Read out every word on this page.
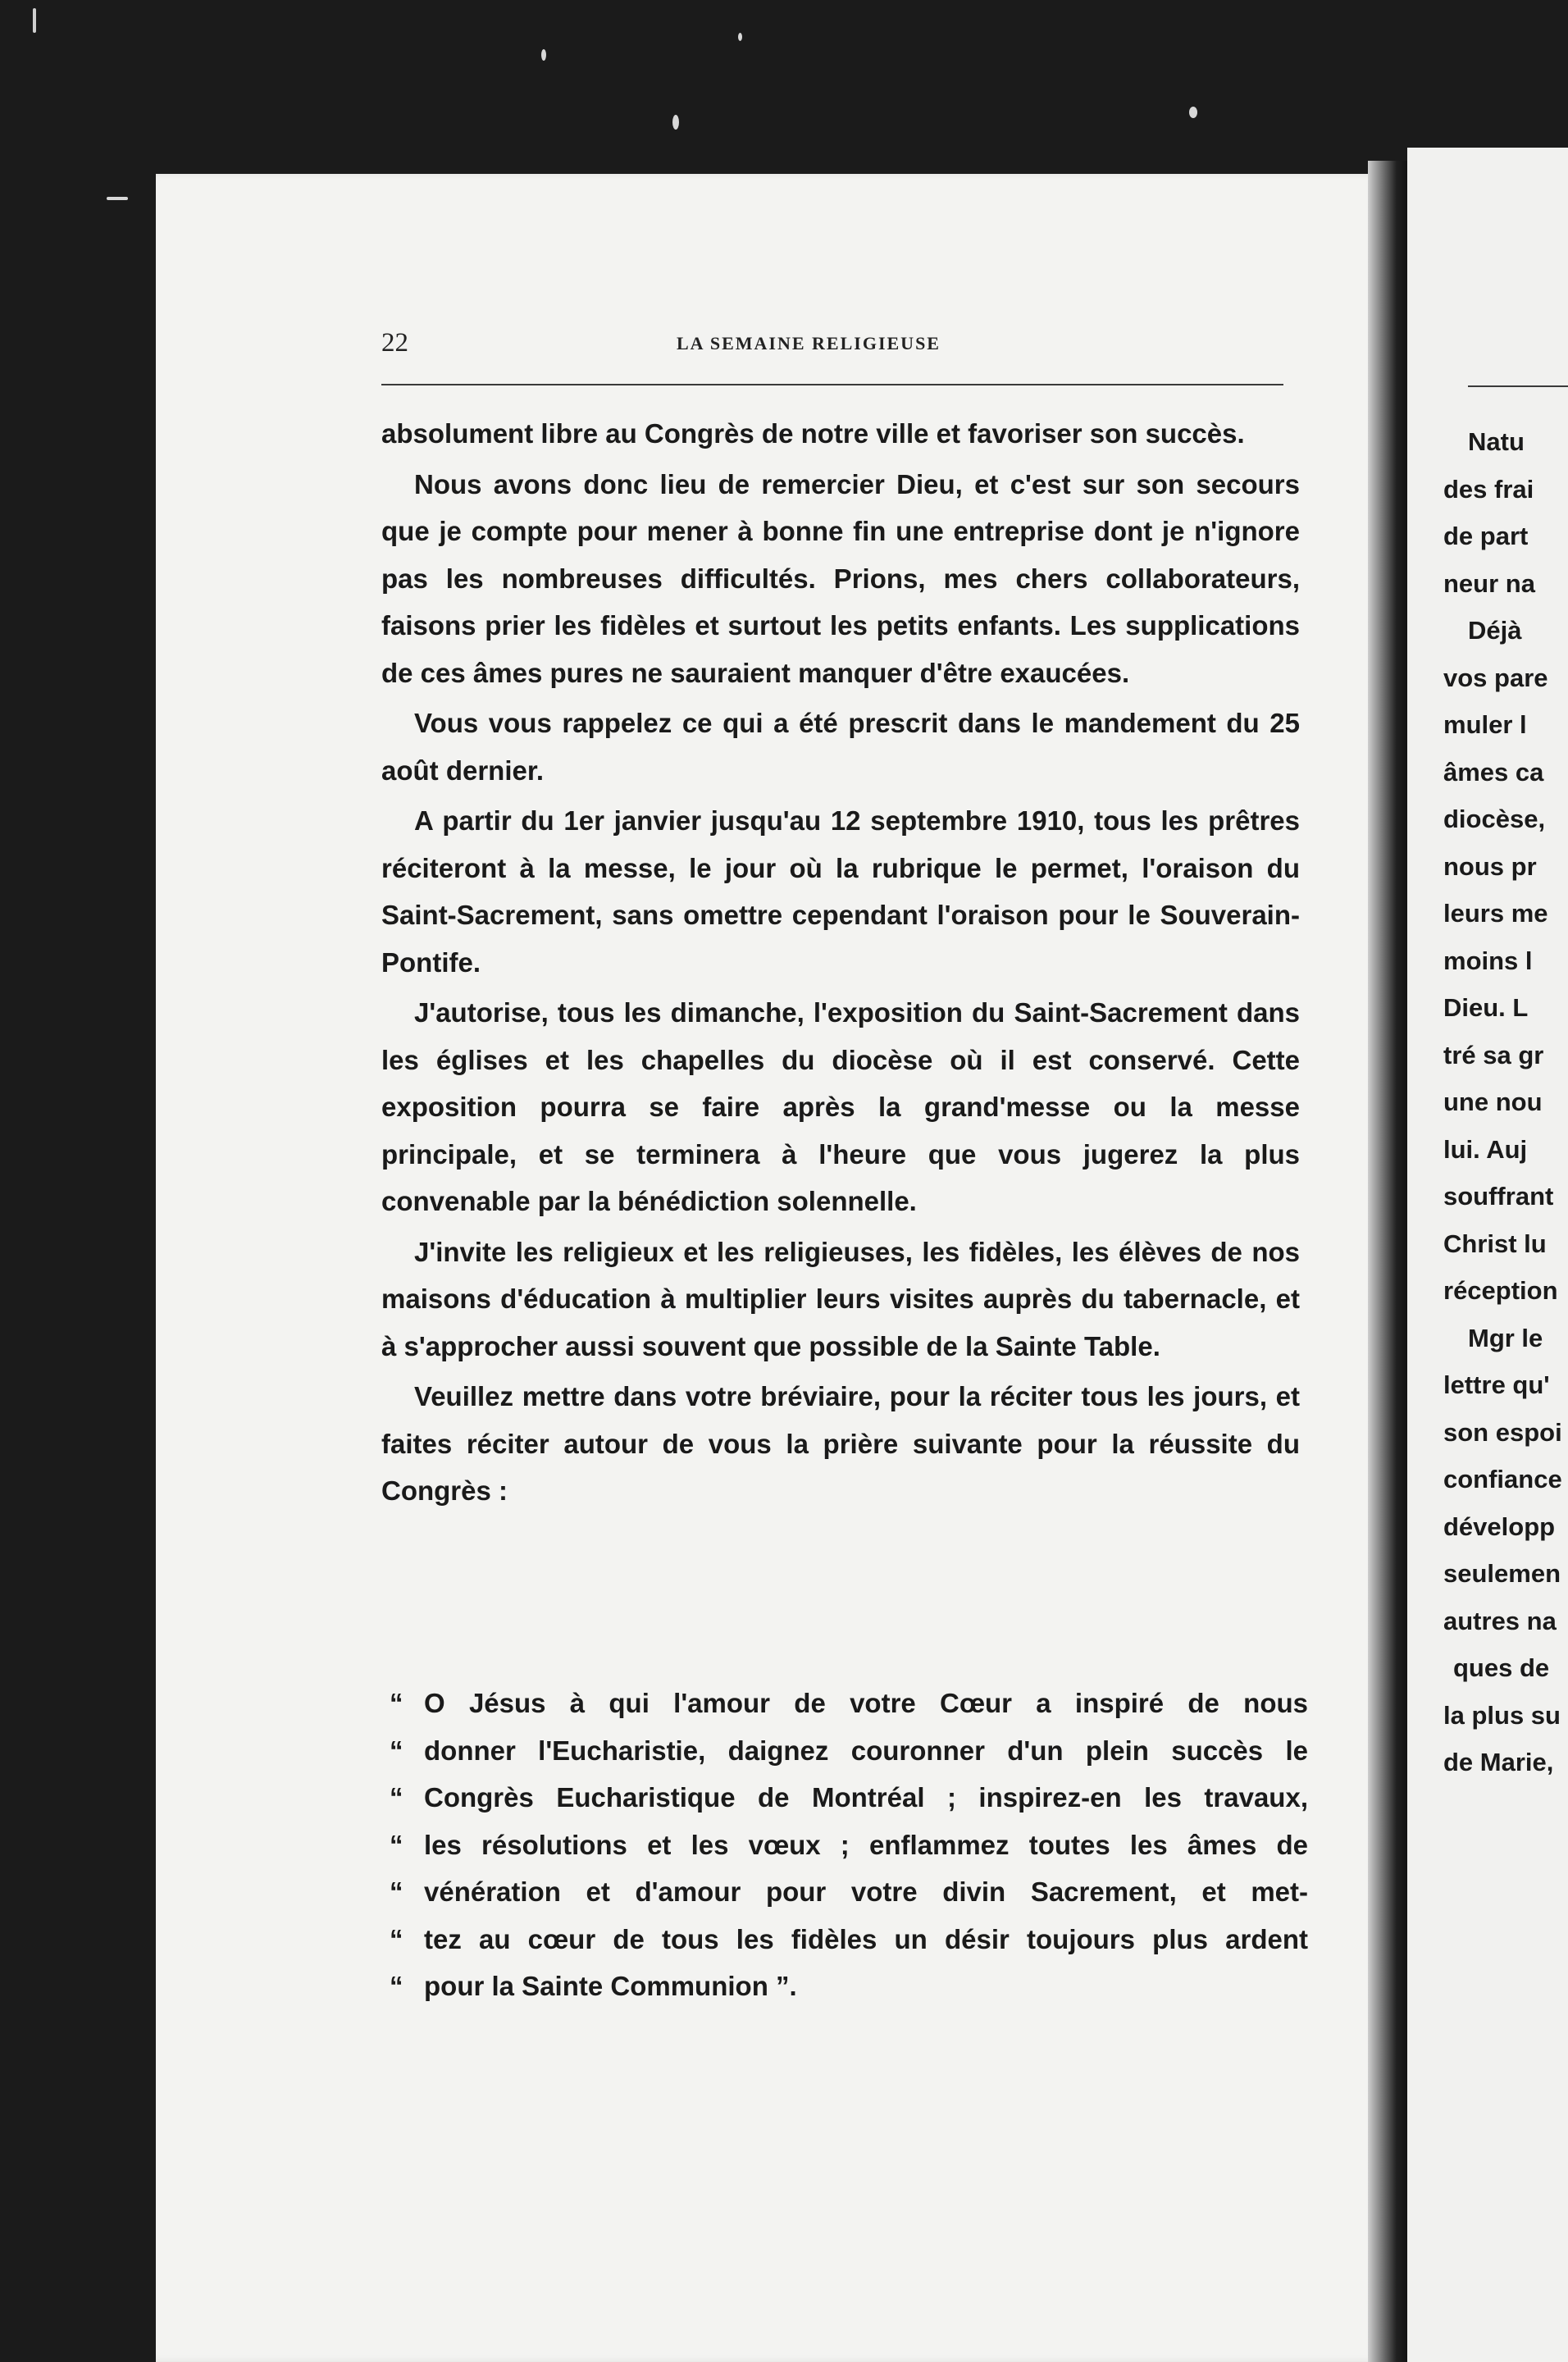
22	LA SEMAINE RELIGIEUSE

absolument libre au Congrès de notre ville et favoriser son succès.

Nous avons donc lieu de remercier Dieu, et c'est sur son secours que je compte pour mener à bonne fin une entreprise dont je n'ignore pas les nombreuses difficultés. Prions, mes chers collaborateurs, faisons prier les fidèles et surtout les petits enfants. Les supplications de ces âmes pures ne sauraient manquer d'être exaucées.

Vous vous rappelez ce qui a été prescrit dans le mandement du 25 août dernier.

A partir du 1er janvier jusqu'au 12 septembre 1910, tous les prêtres réciteront à la messe, le jour où la rubrique le permet, l'oraison du Saint-Sacrement, sans omettre cependant l'oraison pour le Souverain-Pontife.

J'autorise, tous les dimanche, l'exposition du Saint-Sacrement dans les églises et les chapelles du diocèse où il est conservé. Cette exposition pourra se faire après la grand'messe ou la messe principale, et se terminera à l'heure que vous jugerez la plus convenable par la bénédiction solennelle.

J'invite les religieux et les religieuses, les fidèles, les élèves de nos maisons d'éducation à multiplier leurs visites auprès du tabernacle, et à s'approcher aussi souvent que possible de la Sainte Table.

Veuillez mettre dans votre bréviaire, pour la réciter tous les jours, et faites réciter autour de vous la prière suivante pour la réussite du Congrès :

“ O Jésus à qui l'amour de votre Cœur a inspiré de nous
“ donner l'Eucharistie, daignez couronner d'un plein succès le
“ Congrès Eucharistique de Montréal ; inspirez-en les travaux,
“ les résolutions et les vœux ; enflammez toutes les âmes de
“ vénération et d'amour pour votre divin Sacrement, et met-
“ tez au cœur de tous les fidèles un désir toujours plus ardent
“ pour la Sainte Communion ”.
Natu
des frai
de part
neur na
Déjà
vos pare
muler l
âmes ca
diocèse,
nous pr
leurs me
moins l
Dieu. L
tré sa gr
une nou
lui. Auj
souffrant
Christ lu
réception
Mgr le
lettre qu'
son espoi
confiance
développ
seulemen
autres na
ques de
la plus su
de Marie,
